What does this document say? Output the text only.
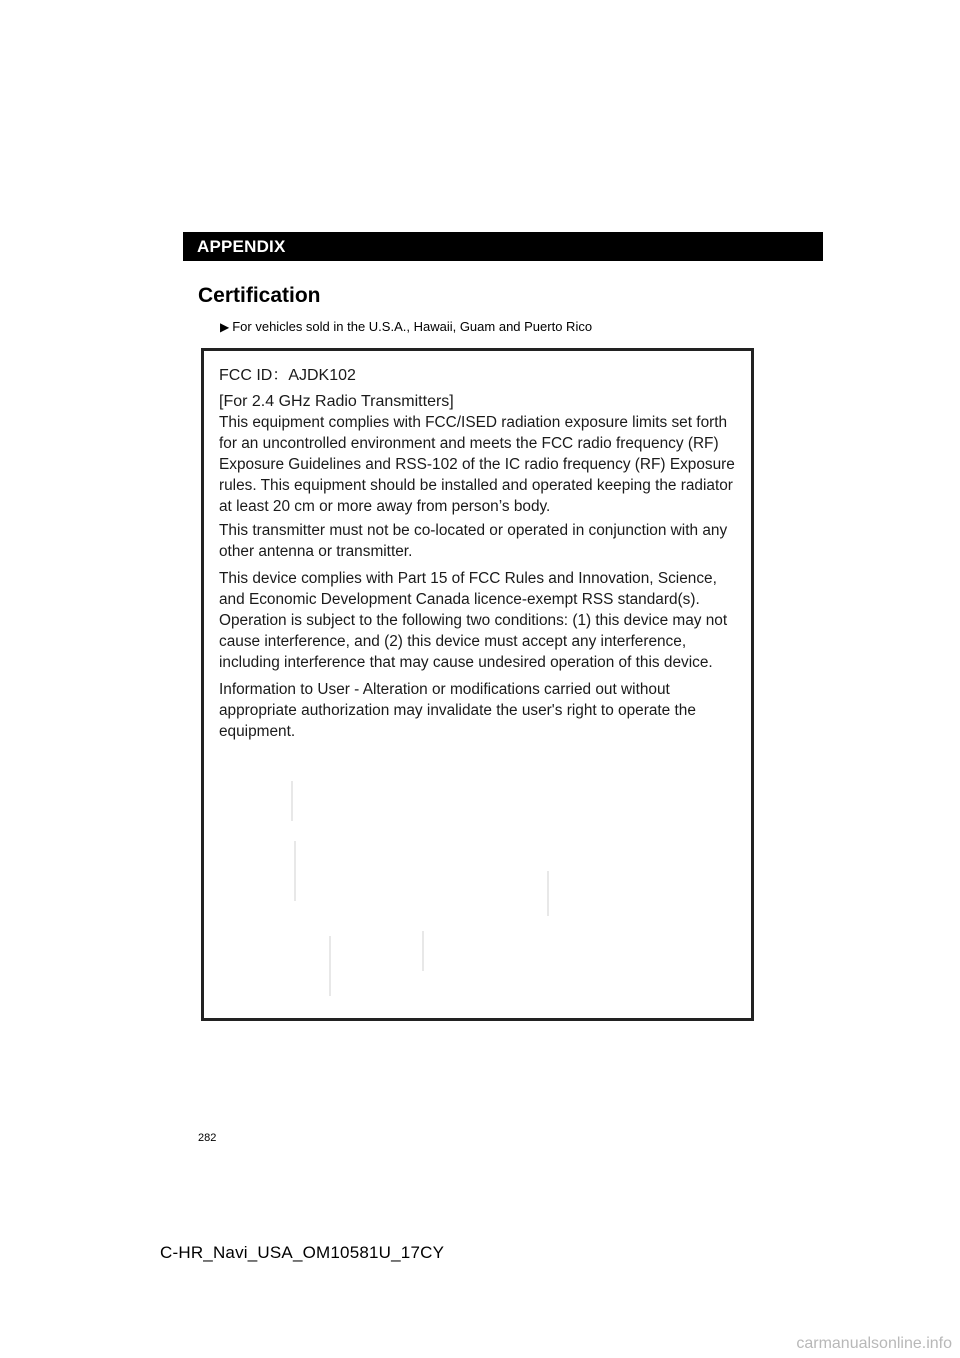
APPENDIX
Certification
▶ For vehicles sold in the U.S.A., Hawaii, Guam and Puerto Rico

FCC ID：AJDK102

[For 2.4 GHz Radio Transmitters]

This equipment complies with FCC/ISED radiation exposure limits set forth for an uncontrolled environment and meets the FCC radio frequency (RF) Exposure Guidelines and RSS-102 of the IC radio frequency (RF) Exposure rules. This equipment should be installed and operated keeping the radiator at least 20 cm or more away from person’s body.

This transmitter must not be co-located or operated in conjunction with any other antenna or transmitter.

This device complies with Part 15 of FCC Rules and Innovation, Science, and Economic Development Canada licence-exempt RSS standard(s). Operation is subject to the following two conditions: (1) this device may not cause interference, and (2) this device must accept any interference, including interference that may cause undesired operation of this device.

Information to User - Alteration or modifications carried out without appropriate authorization may invalidate the user's right to operate the equipment.

282
C-HR_Navi_USA_OM10581U_17CY
carmanualsonline.info
